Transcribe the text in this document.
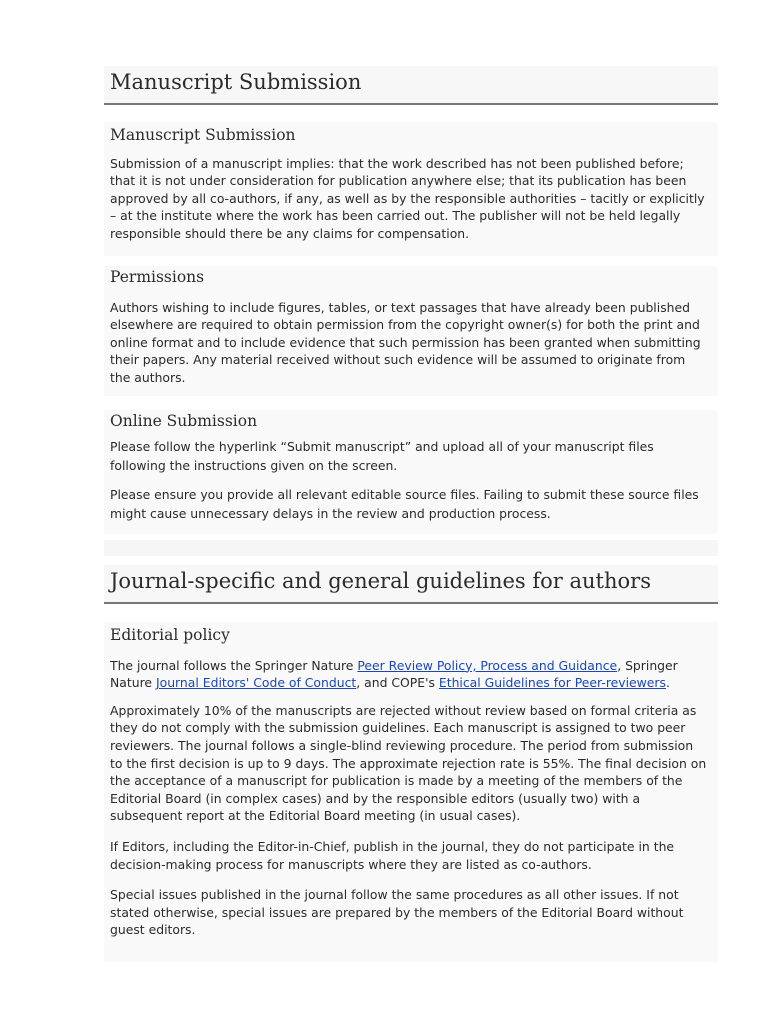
Manuscript Submission
Manuscript Submission

Submission of a manuscript implies: that the work described has not been published before;

that it is not under consideration for publication anywhere else; that its publication has been

approved by all co-authors, if any, as well as by the responsible authorities – tacitly or explicitly

– at the institute where the work has been carried out. The publisher will not be held legally

responsible should there be any claims for compensation.

Permissions

Authors wishing to include figures, tables, or text passages that have already been published

elsewhere are required to obtain permission from the copyright owner(s) for both the print and

online format and to include evidence that such permission has been granted when submitting

their papers. Any material received without such evidence will be assumed to originate from

the authors.

Online Submission

Please follow the hyperlink “Submit manuscript” and upload all of your manuscript files

following the instructions given on the screen.

Please ensure you provide all relevant editable source files. Failing to submit these source files

might cause unnecessary delays in the review and production process.

Journal-specific and general guidelines for authors
Editorial policy

The journal follows the Springer Nature Peer Review Policy, Process and Guidance, Springer

Nature Journal Editors' Code of Conduct, and COPE's Ethical Guidelines for Peer-reviewers.

Approximately 10% of the manuscripts are rejected without review based on formal criteria as

they do not comply with the submission guidelines. Each manuscript is assigned to two peer

reviewers. The journal follows a single-blind reviewing procedure. The period from submission

to the first decision is up to 9 days. The approximate rejection rate is 55%. The final decision on

the acceptance of a manuscript for publication is made by a meeting of the members of the

Editorial Board (in complex cases) and by the responsible editors (usually two) with a

subsequent report at the Editorial Board meeting (in usual cases).

If Editors, including the Editor-in-Chief, publish in the journal, they do not participate in the

decision-making process for manuscripts where they are listed as co-authors.

Special issues published in the journal follow the same procedures as all other issues. If not

stated otherwise, special issues are prepared by the members of the Editorial Board without

guest editors.
